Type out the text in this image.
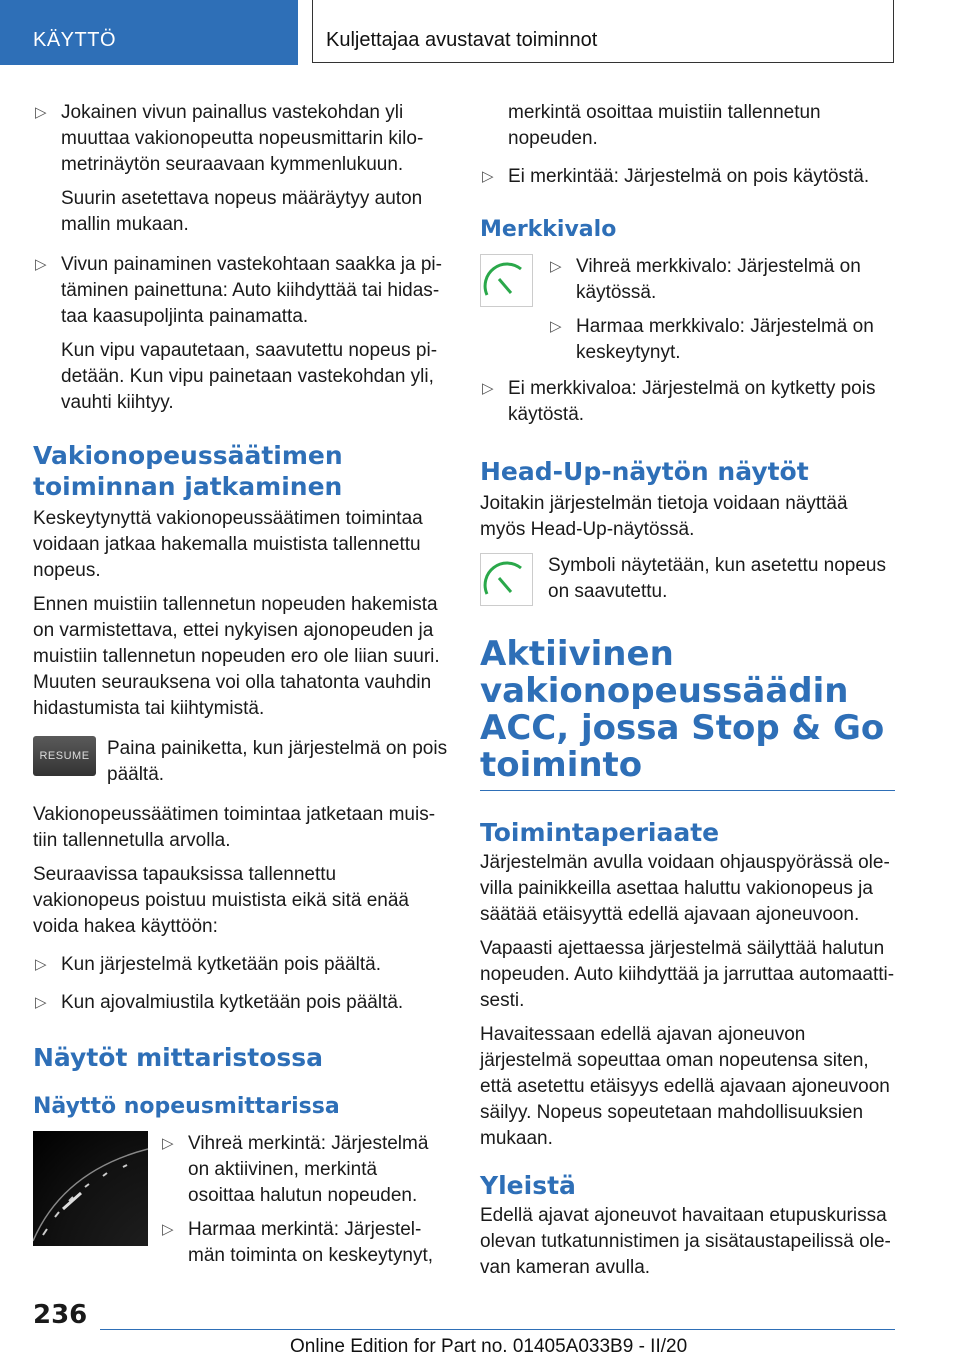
KÄYTTÖ	Kuljettajaa avustavat toiminnot

▷ Jokainen vivun painallus vastekohdan yli muuttaa vakionopeutta nopeusmittarin kilometrinäytön seuraavaan kymmenlukuun.

Suurin asetettava nopeus määräytyy auton mallin mukaan.

▷ Vivun painaminen vastekohtaan saakka ja pitäminen painettuna: Auto kiihdyttää tai hidastaa kaasupoljinta painamatta.

Kun vipu vapautetaan, saavutettu nopeus pidetään. Kun vipu painetaan vastekohdan yli, vauhti kiihtyy.

Vakionopeussäätimen toiminnan jatkaminen

Keskeytynyttä vakionopeussäätimen toimintaa voidaan jatkaa hakemalla muistista tallennettu nopeus.

Ennen muistiin tallennetun nopeuden hakemista on varmistettava, ettei nykyisen ajonopeuden ja muistiin tallennetun nopeuden ero ole liian suuri. Muuten seurauksena voi olla tahatonta vauhdin hidastumista tai kiihtymistä.

RESUME Paina painiketta, kun järjestelmä on pois päältä.

Vakionopeussäätimen toimintaa jatketaan muistiin tallennetulla arvolla.

Seuraavissa tapauksissa tallennettu vakionopeus poistuu muistista eikä sitä enää voida hakea käyttöön:

▷ Kun järjestelmä kytketään pois päältä.

▷ Kun ajovalmiustila kytketään pois päältä.

Näytöt mittaristossa
Näyttö nopeusmittarissa

▷ Vihreä merkintä: Järjestelmä on aktiivinen, merkintä osoittaa halutun nopeuden.

▷ Harmaa merkintä: Järjestelmän toiminta on keskeytynyt,

merkintä osoittaa muistiin tallennetun nopeuden.

▷ Ei merkintää: Järjestelmä on pois käytöstä.

Merkkivalo

▷ Vihreä merkkivalo: Järjestelmä on käytössä.

▷ Harmaa merkkivalo: Järjestelmä on keskeytynyt.

▷ Ei merkkivaloa: Järjestelmä on kytketty pois käytöstä.

Head-Up-näytön näytöt

Joitakin järjestelmän tietoja voidaan näyttää myös Head-Up-näytössä.

Symboli näytetään, kun asetettu nopeus on saavutettu.

Aktiivinen vakionopeussäädin ACC, jossa Stop & Go toiminto
Toimintaperiaate

Järjestelmän avulla voidaan ohjauspyörässä olevilla painikkeilla asettaa haluttu vakionopeus ja säätää etäisyyttä edellä ajavaan ajoneuvoon.

Vapaasti ajettaessa järjestelmä säilyttää halutun nopeuden. Auto kiihdyttää ja jarruttaa automaattisesti.

Havaitessaan edellä ajavan ajoneuvon järjestelmä sopeuttaa oman nopeutensa siten, että asetettu etäisyys edellä ajavaan ajoneuvoon säilyy. Nopeus sopeutetaan mahdollisuuksien mukaan.

Yleistä

Edellä ajavat ajoneuvot havaitaan etupuskurissa olevan tutkatunnistimen ja sisätaustapeilissä olevan kameran avulla.

236
Online Edition for Part no. 01405A033B9 - II/20
